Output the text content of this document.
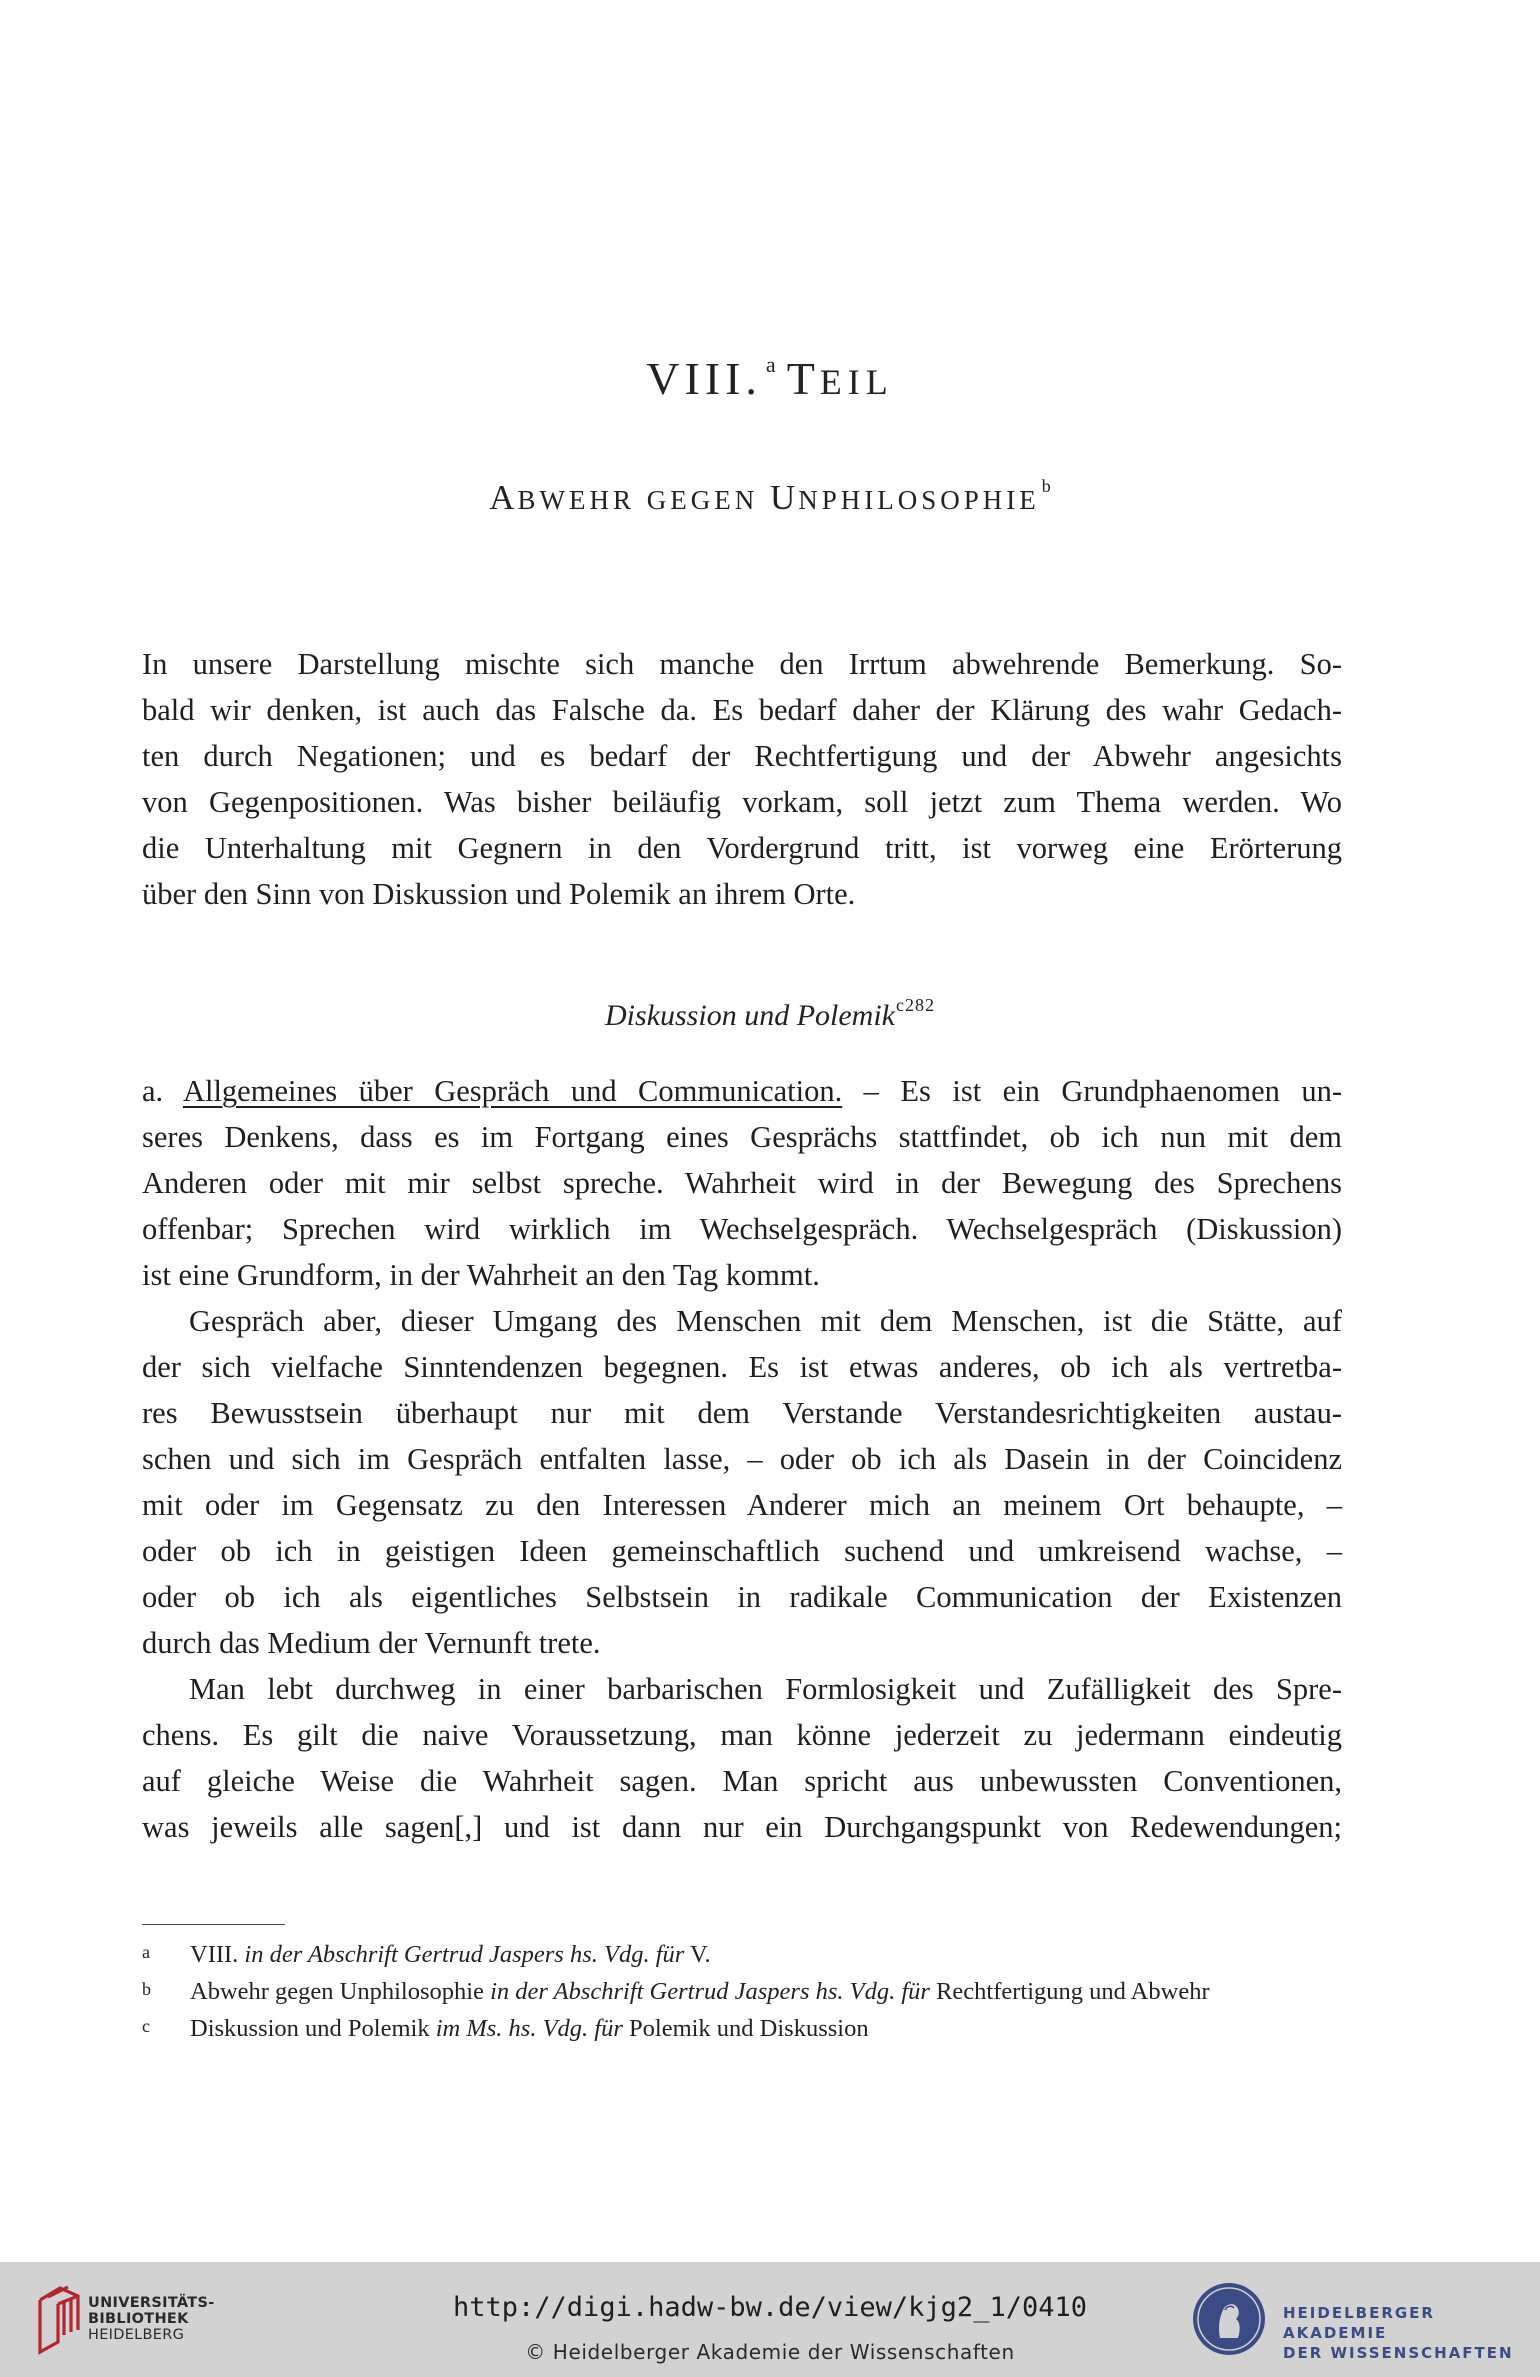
VIII. $^a$ TEIL
ABWEHR GEGEN UNPHILOSOPHIE $^b$
In unsere Darstellung mischte sich manche den Irrtum abwehrende Bemerkung. So-
bald wir denken, ist auch das Falsche da. Es bedarf daher der Klärung des wahr Gedach-
ten durch Negationen; und es bedarf der Rechtfertigung und der Abwehr angesichts
von Gegenpositionen. Was bisher beiläufig vorkam, soll jetzt zum Thema werden. Wo
die Unterhaltung mit Gegnern in den Vordergrund tritt, ist vorweg eine Erörterung
über den Sinn von Diskussion und Polemik an ihrem Orte.
Diskussion und Polemik$^{c282}$
a. Allgemeines über Gespräch und Communication. – Es ist ein Grundphaenomen un-
seres Denkens, dass es im Fortgang eines Gesprächs stattfindet, ob ich nun mit dem
Anderen oder mit mir selbst spreche. Wahrheit wird in der Bewegung des Sprechens
offenbar; Sprechen wird wirklich im Wechselgespräch. Wechselgespräch (Diskussion)
ist eine Grundform, in der Wahrheit an den Tag kommt.
Gespräch aber, dieser Umgang des Menschen mit dem Menschen, ist die Stätte, auf
der sich vielfache Sinntendenzen begegnen. Es ist etwas anderes, ob ich als vertretba-
res Bewusstsein überhaupt nur mit dem Verstande Verstandesrichtigkeiten austau-
schen und sich im Gespräch entfalten lasse, – oder ob ich als Dasein in der Coincidenz
mit oder im Gegensatz zu den Interessen Anderer mich an meinem Ort behaupte, –
oder ob ich in geistigen Ideen gemeinschaftlich suchend und umkreisend wachse, –
oder ob ich als eigentliches Selbstsein in radikale Communication der Existenzen
durch das Medium der Vernunft trete.
Man lebt durchweg in einer barbarischen Formlosigkeit und Zufälligkeit des Spre-
chens. Es gilt die naive Voraussetzung, man könne jederzeit zu jedermann eindeutig
auf gleiche Weise die Wahrheit sagen. Man spricht aus unbewussten Conventionen,
was jeweils alle sagen[,] und ist dann nur ein Durchgangspunkt von Redewendungen;
a VIII. in der Abschrift Gertrud Jaspers hs. Vdg. für V.
b Abwehr gegen Unphilosophie in der Abschrift Gertrud Jaspers hs. Vdg. für Rechtfertigung und Abwehr
c Diskussion und Polemik im Ms. hs. Vdg. für Polemik und Diskussion
UNIVERSITÄTS-
BIBLIOTHEK
HEIDELBERG
http://digi.hadw-bw.de/view/kjg2_1/0410
© Heidelberger Akademie der Wissenschaften
HEIDELBERGER AKADEMIE
DER WISSENSCHAFTEN
